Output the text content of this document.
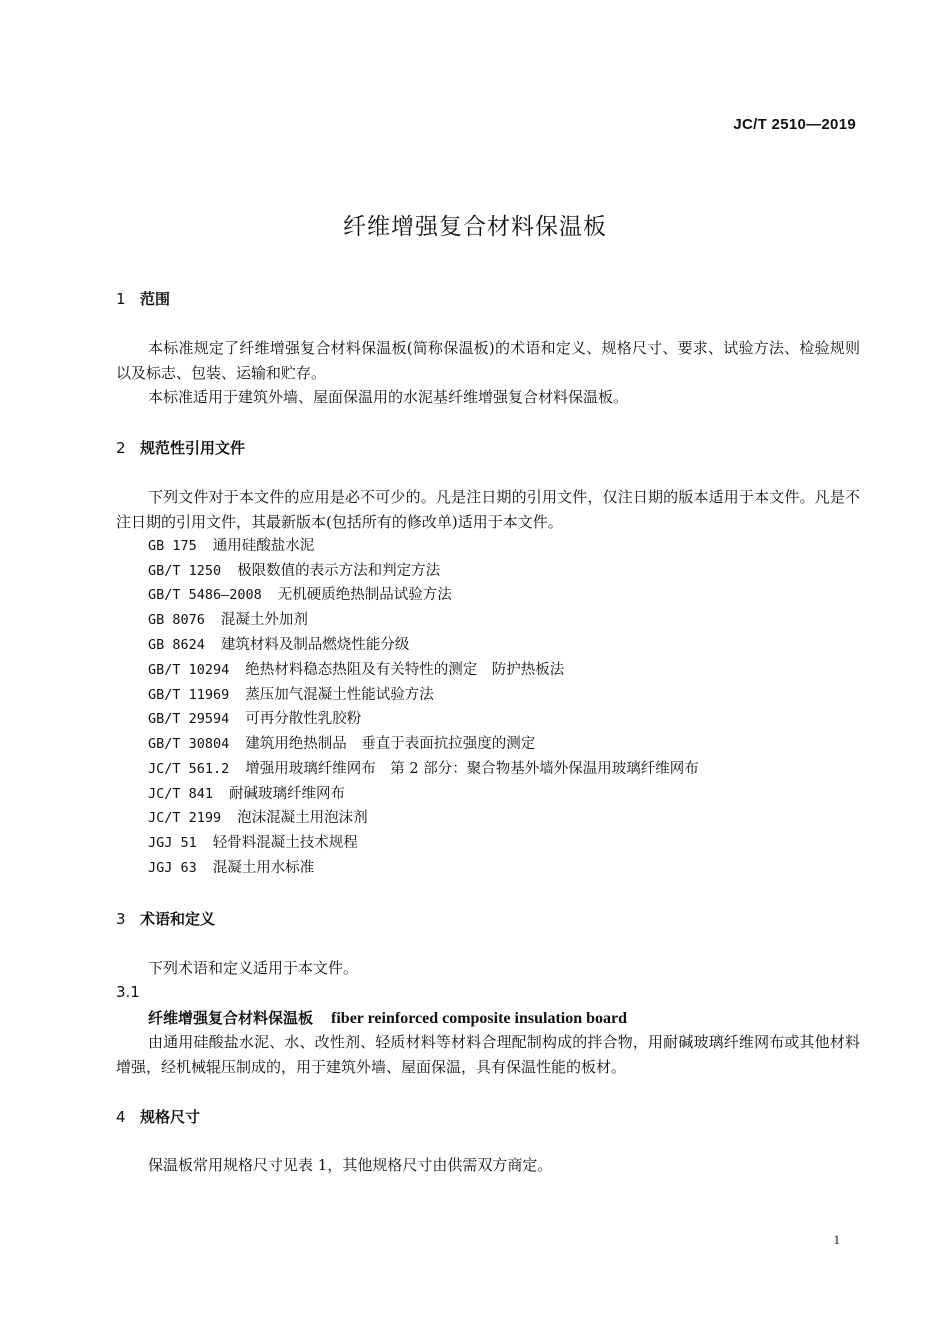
JC/T 2510—2019
纤维增强复合材料保温板
1 范围
本标准规定了纤维增强复合材料保温板(简称保温板)的术语和定义、规格尺寸、要求、试验方法、检验规则以及标志、包装、运输和贮存。
本标准适用于建筑外墙、屋面保温用的水泥基纤维增强复合材料保温板。
2 规范性引用文件
下列文件对于本文件的应用是必不可少的。凡是注日期的引用文件，仅注日期的版本适用于本文件。凡是不注日期的引用文件，其最新版本(包括所有的修改单)适用于本文件。
GB 175 通用硅酸盐水泥
GB/T 1250 极限数值的表示方法和判定方法
GB/T 5486—2008 无机硬质绝热制品试验方法
GB 8076 混凝土外加剂
GB 8624 建筑材料及制品燃烧性能分级
GB/T 10294 绝热材料稳态热阻及有关特性的测定　防护热板法
GB/T 11969 蒸压加气混凝土性能试验方法
GB/T 29594 可再分散性乳胶粉
GB/T 30804 建筑用绝热制品　垂直于表面抗拉强度的测定
JC/T 561.2 增强用玻璃纤维网布　第 2 部分：聚合物基外墙外保温用玻璃纤维网布
JC/T 841 耐碱玻璃纤维网布
JC/T 2199 泡沫混凝土用泡沫剂
JGJ 51 轻骨料混凝土技术规程
JGJ 63 混凝土用水标准
3 术语和定义
下列术语和定义适用于本文件。
3.1
纤维增强复合材料保温板 fiber reinforced composite insulation board
由通用硅酸盐水泥、水、改性剂、轻质材料等材料合理配制构成的拌合物，用耐碱玻璃纤维网布或其他材料增强，经机械辊压制成的，用于建筑外墙、屋面保温，具有保温性能的板材。
4 规格尺寸
保温板常用规格尺寸见表 1，其他规格尺寸由供需双方商定。
1
